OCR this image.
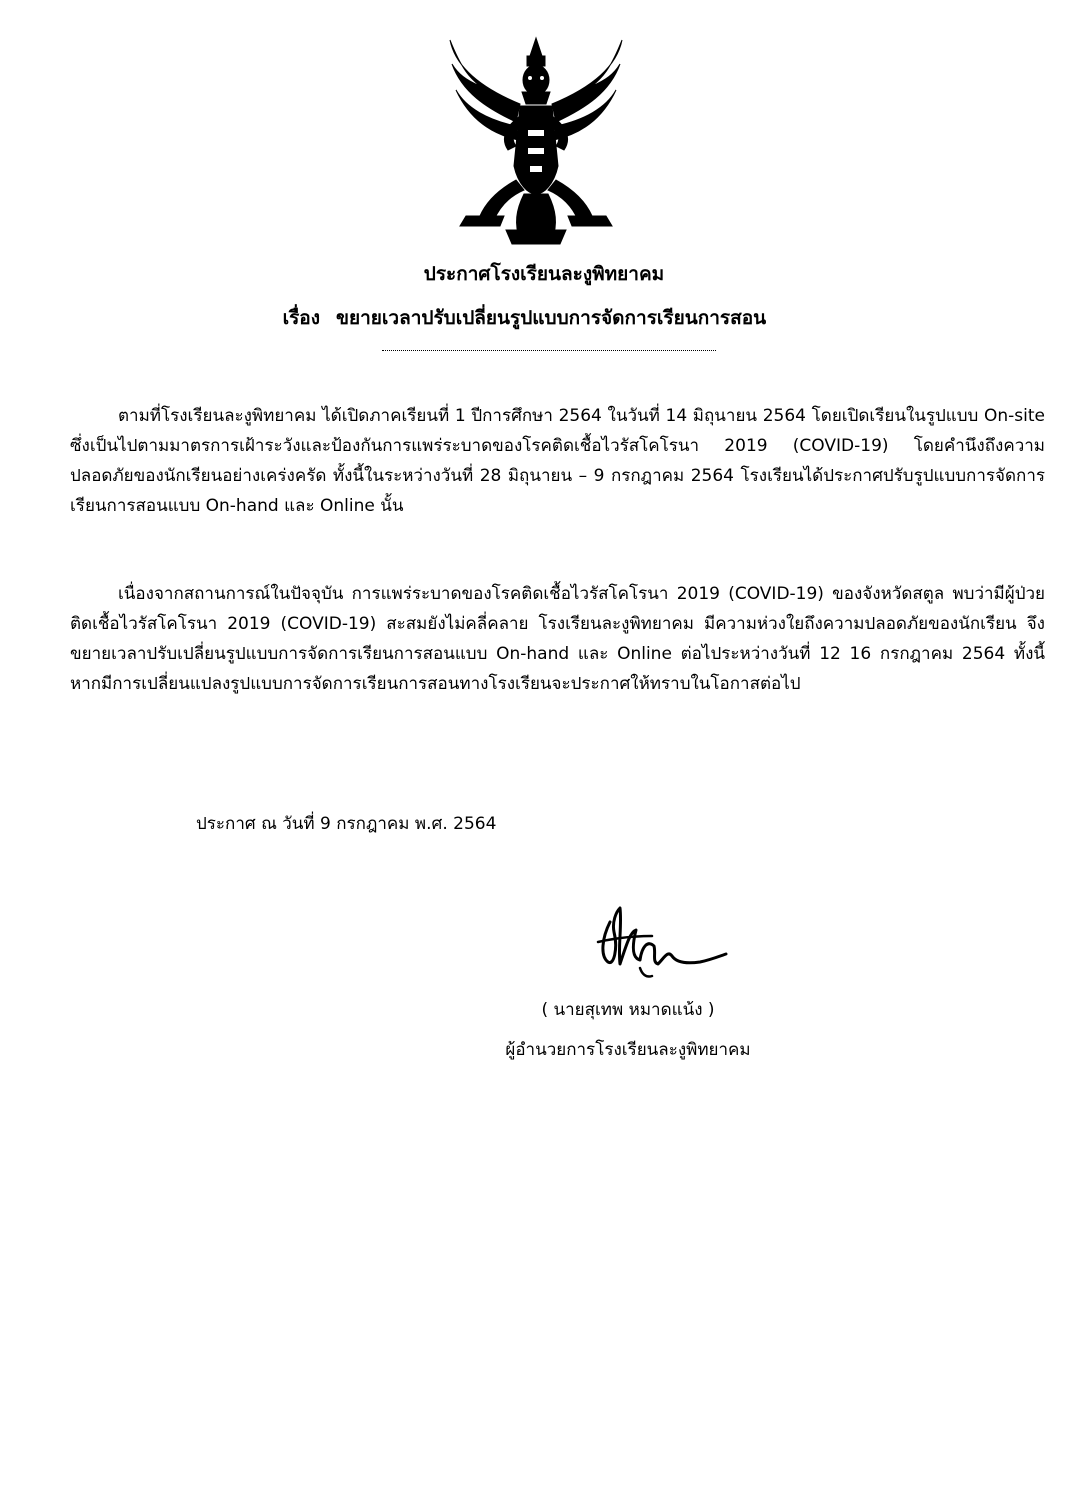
ประกาศโรงเรียนละงูพิทยาคม
เรื่อง ขยายเวลาปรับเปลี่ยนรูปแบบการจัดการเรียนการสอน
ตามที่โรงเรียนละงูพิทยาคม ได้เปิดภาคเรียนที่ 1 ปีการศึกษา 2564 ในวันที่ 14 มิถุนายน 2564 โดยเปิดเรียนในรูปแบบ On-site ซึ่งเป็นไปตามมาตรการเฝ้าระวังและป้องกันการแพร่ระบาดของโรคติดเชื้อไวรัสโคโรนา 2019 (COVID-19) โดยคำนึงถึงความปลอดภัยของนักเรียนอย่างเคร่งครัด ทั้งนี้ในระหว่างวันที่ 28 มิถุนายน – 9 กรกฎาคม 2564 โรงเรียนได้ประกาศปรับรูปแบบการจัดการเรียนการสอนแบบ On-hand และ Online นั้น
เนื่องจากสถานการณ์ในปัจจุบัน การแพร่ระบาดของโรคติดเชื้อไวรัสโคโรนา 2019 (COVID-19) ของจังหวัดสตูล พบว่ามีผู้ป่วยติดเชื้อไวรัสโคโรนา 2019 (COVID-19) สะสมยังไม่คลี่คลาย โรงเรียนละงูพิทยาคม มีความห่วงใยถึงความปลอดภัยของนักเรียน จึงขยายเวลาปรับเปลี่ยนรูปแบบการจัดการเรียนการสอนแบบ On-hand และ Online ต่อไประหว่างวันที่ 12 16 กรกฎาคม 2564 ทั้งนี้หากมีการเปลี่ยนแปลงรูปแบบการจัดการเรียนการสอนทางโรงเรียนจะประกาศให้ทราบในโอกาสต่อไป
ประกาศ ณ วันที่ 9 กรกฎาคม พ.ศ. 2564
( นายสุเทพ หมาดแน้ง )
ผู้อำนวยการโรงเรียนละงูพิทยาคม
